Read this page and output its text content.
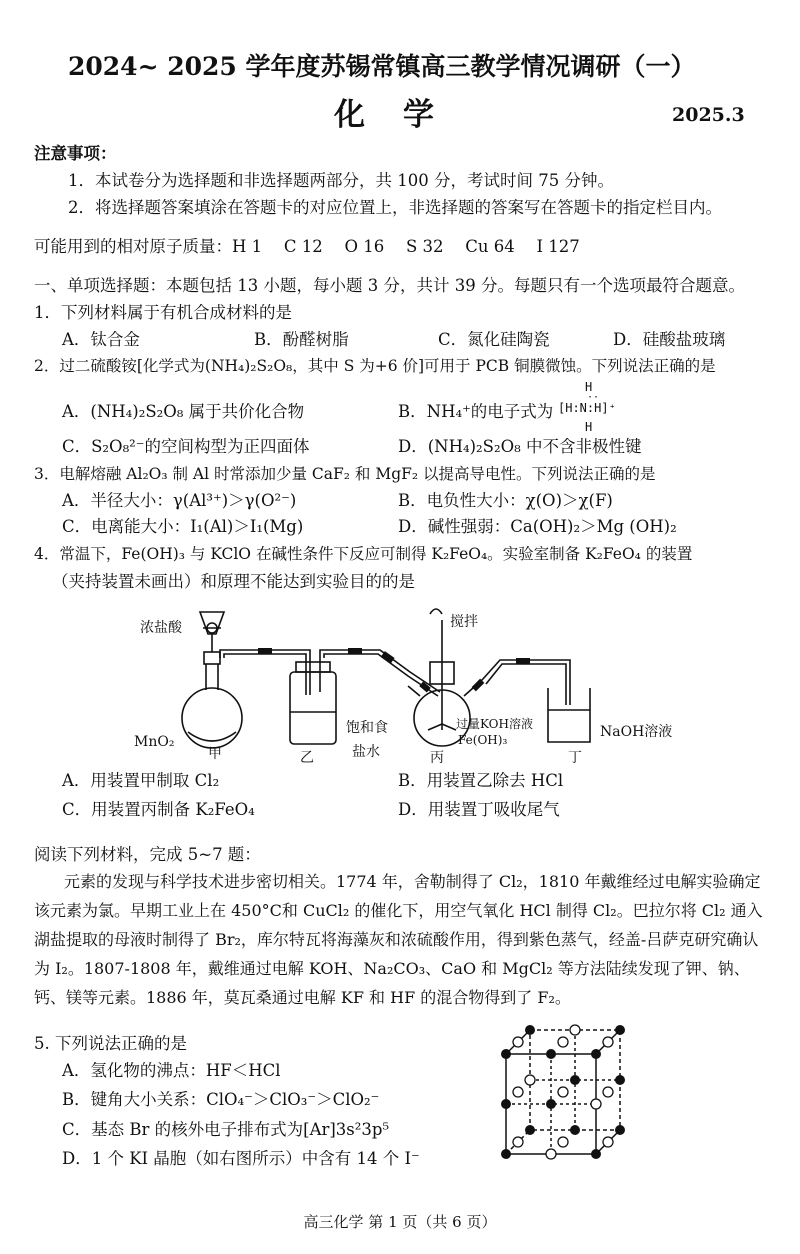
2024~ 2025 学年度苏锡常镇高三教学情况调研（一）
化学	2025.3
注意事项：
1．本试卷分为选择题和非选择题两部分，共 100 分，考试时间 75 分钟。
2．将选择题答案填涂在答题卡的对应位置上，非选择题的答案写在答题卡的指定栏目内。
可能用到的相对原子质量：H 1　 C 12　 O 16　 S 32　 Cu 64　 I 127
一、单项选择题：本题包括 13 小题，每小题 3 分，共计 39 分。每题只有一个选项最符合题意。
1．下列材料属于有机合成材料的是
A．钛合金	B．酚醛树脂	C．氮化硅陶瓷	D．硅酸盐玻璃
2．过二硫酸铵[化学式为(NH₄)₂S₂O₈，其中 S 为+6 价]可用于 PCB 铜膜微蚀。下列说法正确的是
A．(NH₄)₂S₂O₈ 属于共价化合物	B．NH₄⁺的电子式为
H
··
[H:N:H]⁺
H
C．S₂O₈²⁻的空间构型为正四面体	D．(NH₄)₂S₂O₈ 中不含非极性键
3．电解熔融 Al₂O₃ 制 Al 时常添加少量 CaF₂ 和 MgF₂ 以提高导电性。下列说法正确的是
A．半径大小：γ(Al³⁺)＞γ(O²⁻)	B．电负性大小：χ(O)＞χ(F)
C．电离能大小：I₁(Al)＞I₁(Mg)	D．碱性强弱：Ca(OH)₂＞Mg (OH)₂
4．常温下，Fe(OH)₃ 与 KClO 在碱性条件下反应可制得 K₂FeO₄。实验室制备 K₂FeO₄ 的装置
（夹持装置未画出）和原理不能达到实验目的的是
浓盐酸
MnO₂
甲	乙
饱和食
盐水
搅拌
过量KOH溶液
Fe(OH)₃
丙
NaOH溶液
丁
A．用装置甲制取 Cl₂	B．用装置乙除去 HCl
C．用装置丙制备 K₂FeO₄	D．用装置丁吸收尾气
阅读下列材料，完成 5~7 题：
元素的发现与科学技术进步密切相关。1774 年，舍勒制得了 Cl₂，1810 年戴维经过电解实验确定该元素为氯。早期工业上在 450°C和 CuCl₂ 的催化下，用空气氧化 HCl 制得 Cl₂。巴拉尔将 Cl₂ 通入湖盐提取的母液时制得了 Br₂，库尔特瓦将海藻灰和浓硫酸作用，得到紫色蒸气，经盖-吕萨克研究确认为 I₂。1807-1808 年，戴维通过电解 KOH、Na₂CO₃、CaO 和 MgCl₂ 等方法陆续发现了钾、钠、钙、镁等元素。1886 年，莫瓦桑通过电解 KF 和 HF 的混合物得到了 F₂。
5. 下列说法正确的是
A．氢化物的沸点：HF＜HCl
B．键角大小关系：ClO₄⁻＞ClO₃⁻＞ClO₂⁻
C．基态 Br 的核外电子排布式为[Ar]3s²3p⁵
D．1 个 KI 晶胞（如右图所示）中含有 14 个 I⁻
高三化学 第 1 页（共 6 页）
